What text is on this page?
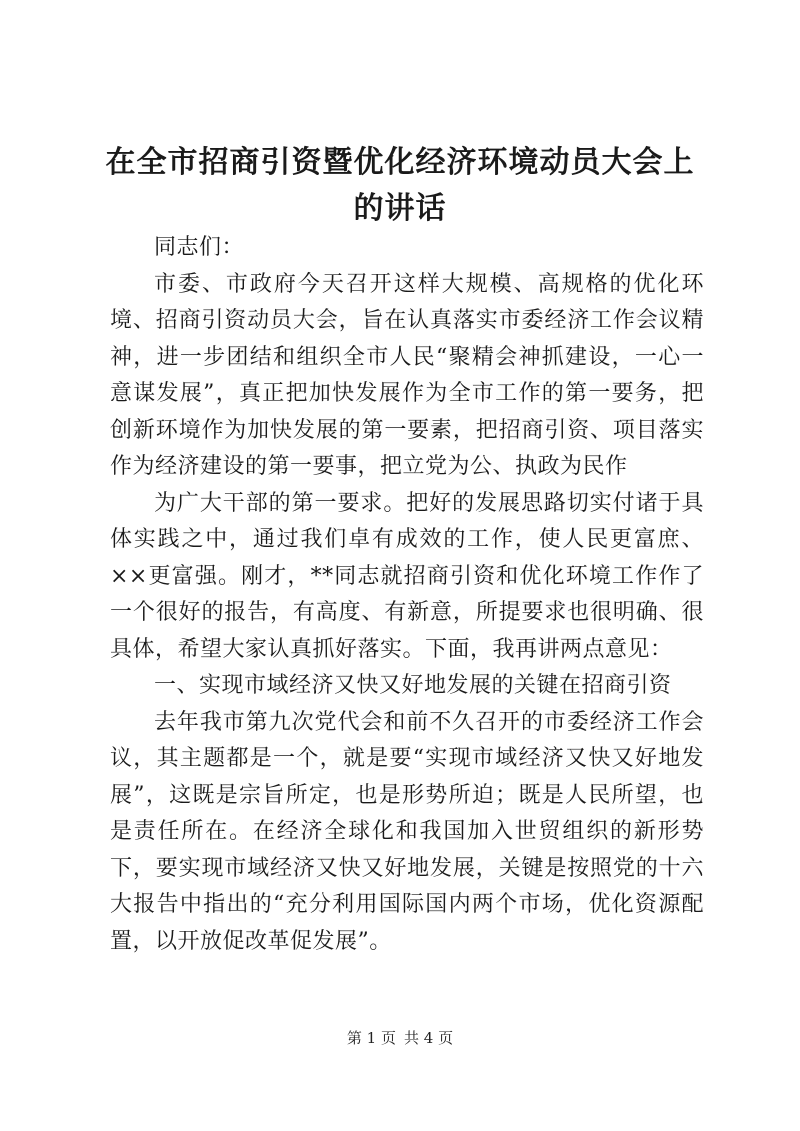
在全市招商引资暨优化经济环境动员大会上的讲话

同志们：

市委、市政府今天召开这样大规模、高规格的优化环境、招商引资动员大会，旨在认真落实市委经济工作会议精神，进一步团结和组织全市人民“聚精会神抓建设，一心一意谋发展”，真正把加快发展作为全市工作的第一要务，把创新环境作为加快发展的第一要素，把招商引资、项目落实作为经济建设的第一要事，把立党为公、执政为民作

为广大干部的第一要求。把好的发展思路切实付诸于具体实践之中，通过我们卓有成效的工作，使人民更富庶、××更富强。刚才，**同志就招商引资和优化环境工作作了一个很好的报告，有高度、有新意，所提要求也很明确、很具体，希望大家认真抓好落实。下面，我再讲两点意见：

一、实现市域经济又快又好地发展的关键在招商引资

去年我市第九次党代会和前不久召开的市委经济工作会议，其主题都是一个，就是要“实现市域经济又快又好地发展”，这既是宗旨所定，也是形势所迫；既是人民所望，也是责任所在。在经济全球化和我国加入世贸组织的新形势下，要实现市域经济又快又好地发展，关键是按照党的十六大报告中指出的“充分利用国际国内两个市场，优化资源配置，以开放促改革促发展”。

第 1 页 共 4 页
